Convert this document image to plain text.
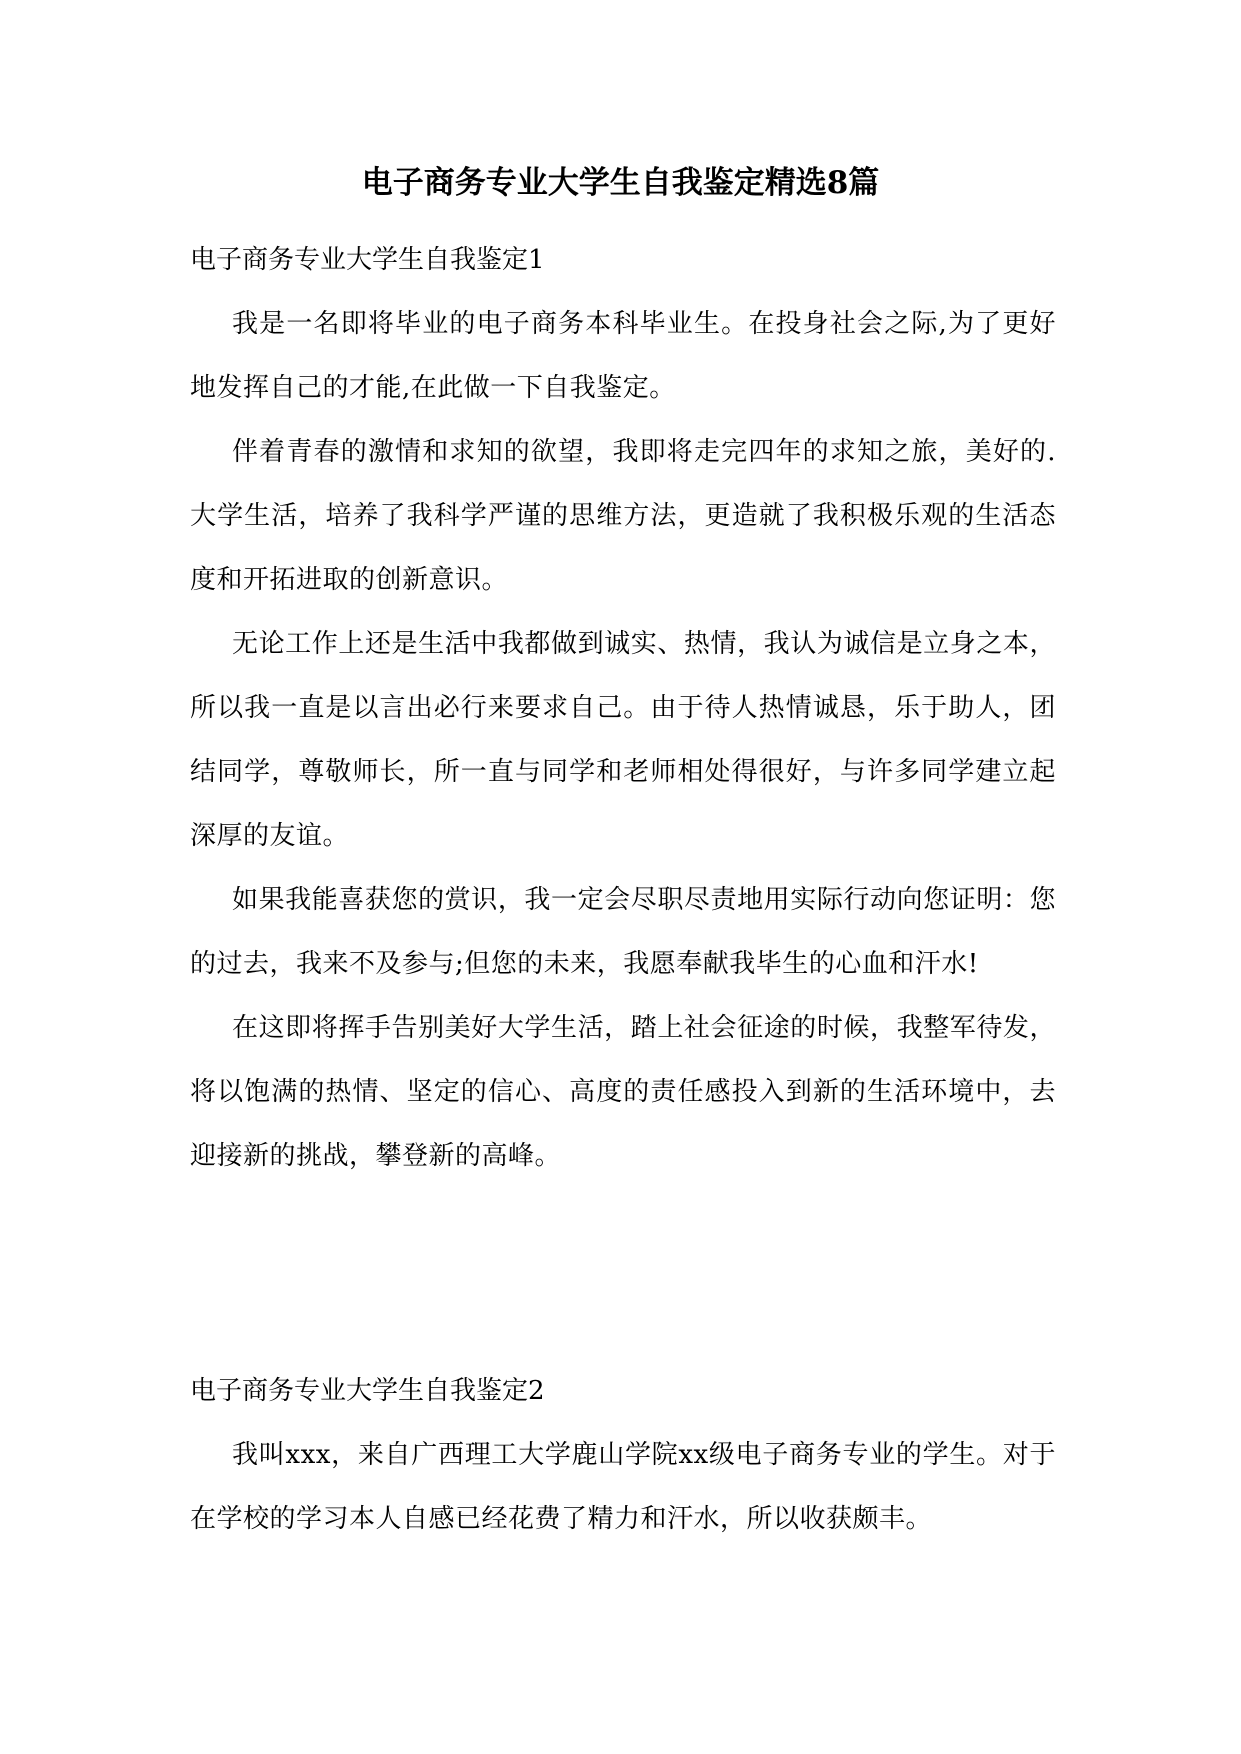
电子商务专业大学生自我鉴定精选8篇

电子商务专业大学生自我鉴定1

我是一名即将毕业的电子商务本科毕业生。在投身社会之际,为了更好地发挥自己的才能,在此做一下自我鉴定。

伴着青春的激情和求知的欲望，我即将走完四年的求知之旅，美好的.大学生活，培养了我科学严谨的思维方法，更造就了我积极乐观的生活态度和开拓进取的创新意识。

无论工作上还是生活中我都做到诚实、热情，我认为诚信是立身之本，所以我一直是以言出必行来要求自己。由于待人热情诚恳，乐于助人，团结同学，尊敬师长，所一直与同学和老师相处得很好，与许多同学建立起深厚的友谊。

如果我能喜获您的赏识，我一定会尽职尽责地用实际行动向您证明：您的过去，我来不及参与;但您的未来，我愿奉献我毕生的心血和汗水!

在这即将挥手告别美好大学生活，踏上社会征途的时候，我整军待发，将以饱满的热情、坚定的信心、高度的责任感投入到新的生活环境中，去迎接新的挑战，攀登新的高峰。

电子商务专业大学生自我鉴定2

我叫xxx，来自广西理工大学鹿山学院xx级电子商务专业的学生。对于在学校的学习本人自感已经花费了精力和汗水，所以收获颇丰。
